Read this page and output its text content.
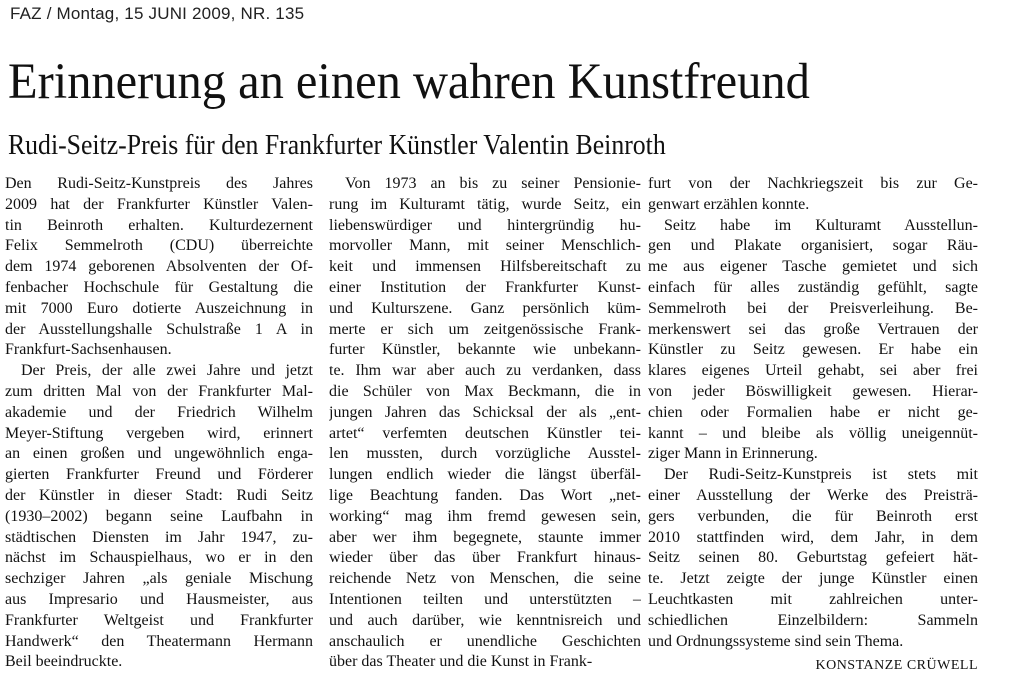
FAZ / Montag, 15 JUNI 2009, NR. 135
Erinnerung an einen wahren Kunstfreund
Rudi-Seitz-Preis für den Frankfurter Künstler Valentin Beinroth
Den Rudi-Seitz-Kunstpreis des Jahres
2009 hat der Frankfurter Künstler Valen-
tin Beinroth erhalten. Kulturdezernent
Felix Semmelroth (CDU) überreichte
dem 1974 geborenen Absolventen der Of-
fenbacher Hochschule für Gestaltung die
mit 7000 Euro dotierte Auszeichnung in
der Ausstellungshalle Schulstraße 1 A in
Frankfurt-Sachsenhausen.
Der Preis, der alle zwei Jahre und jetzt
zum dritten Mal von der Frankfurter Mal-
akademie und der Friedrich Wilhelm
Meyer-Stiftung vergeben wird, erinnert
an einen großen und ungewöhnlich enga-
gierten Frankfurter Freund und Förderer
der Künstler in dieser Stadt: Rudi Seitz
(1930–2002) begann seine Laufbahn in
städtischen Diensten im Jahr 1947, zu-
nächst im Schauspielhaus, wo er in den
sechziger Jahren „als geniale Mischung
aus Impresario und Hausmeister, aus
Frankfurter Weltgeist und Frankfurter
Handwerk“ den Theatermann Hermann
Beil beeindruckte.
Von 1973 an bis zu seiner Pensionie-
rung im Kulturamt tätig, wurde Seitz, ein
liebenswürdiger und hintergründig hu-
morvoller Mann, mit seiner Menschlich-
keit und immensen Hilfsbereitschaft zu
einer Institution der Frankfurter Kunst-
und Kulturszene. Ganz persönlich küm-
merte er sich um zeitgenössische Frank-
furter Künstler, bekannte wie unbekann-
te. Ihm war aber auch zu verdanken, dass
die Schüler von Max Beckmann, die in
jungen Jahren das Schicksal der als „ent-
artet“ verfemten deutschen Künstler tei-
len mussten, durch vorzügliche Ausstel-
lungen endlich wieder die längst überfäl-
lige Beachtung fanden. Das Wort „net-
working“ mag ihm fremd gewesen sein,
aber wer ihm begegnete, staunte immer
wieder über das über Frankfurt hinaus-
reichende Netz von Menschen, die seine
Intentionen teilten und unterstützten –
und auch darüber, wie kenntnisreich und
anschaulich er unendliche Geschichten
über das Theater und die Kunst in Frank-
furt von der Nachkriegszeit bis zur Ge-
genwart erzählen konnte.
Seitz habe im Kulturamt Ausstellun-
gen und Plakate organisiert, sogar Räu-
me aus eigener Tasche gemietet und sich
einfach für alles zuständig gefühlt, sagte
Semmelroth bei der Preisverleihung. Be-
merkenswert sei das große Vertrauen der
Künstler zu Seitz gewesen. Er habe ein
klares eigenes Urteil gehabt, sei aber frei
von jeder Böswilligkeit gewesen. Hierar-
chien oder Formalien habe er nicht ge-
kannt – und bleibe als völlig uneigennüt-
ziger Mann in Erinnerung.
Der Rudi-Seitz-Kunstpreis ist stets mit
einer Ausstellung der Werke des Preisträ-
gers verbunden, die für Beinroth erst
2010 stattfinden wird, dem Jahr, in dem
Seitz seinen 80. Geburtstag gefeiert hät-
te. Jetzt zeigte der junge Künstler einen
Leuchtkasten mit zahlreichen unter-
schiedlichen Einzelbildern: Sammeln
und Ordnungssysteme sind sein Thema.
KONSTANZE CRÜWELL
